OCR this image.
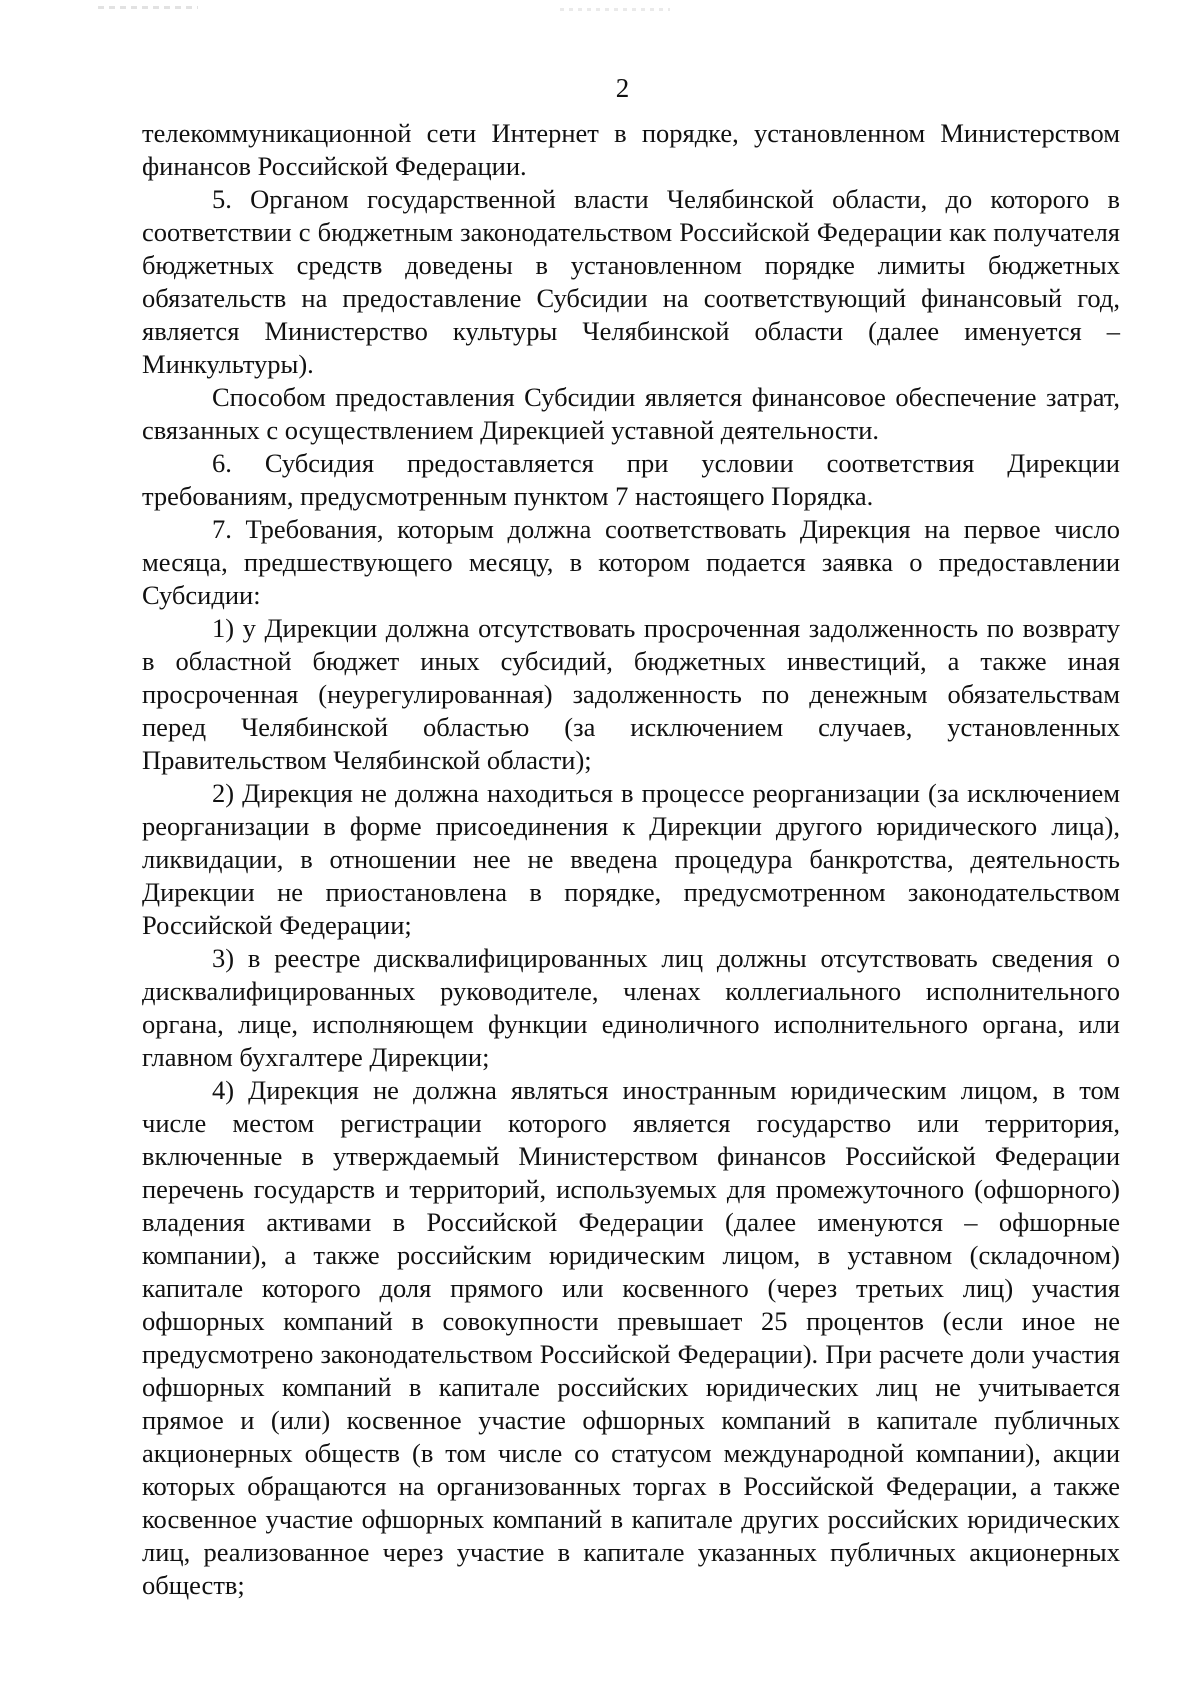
2

телекоммуникационной сети Интернет в порядке, установленном Министерством финансов Российской Федерации.

5. Органом государственной власти Челябинской области, до которого в соответствии с бюджетным законодательством Российской Федерации как получателя бюджетных средств доведены в установленном порядке лимиты бюджетных обязательств на предоставление Субсидии на соответствующий финансовый год, является Министерство культуры Челябинской области (далее именуется – Минкультуры).

Способом предоставления Субсидии является финансовое обеспечение затрат, связанных с осуществлением Дирекцией уставной деятельности.

6. Субсидия предоставляется при условии соответствия Дирекции требованиям, предусмотренным пунктом 7 настоящего Порядка.

7. Требования, которым должна соответствовать Дирекция на первое число месяца, предшествующего месяцу, в котором подается заявка о предоставлении Субсидии:

1) у Дирекции должна отсутствовать просроченная задолженность по возврату в областной бюджет иных субсидий, бюджетных инвестиций, а также иная просроченная (неурегулированная) задолженность по денежным обязательствам перед Челябинской областью (за исключением случаев, установленных Правительством Челябинской области);

2) Дирекция не должна находиться в процессе реорганизации (за исключением реорганизации в форме присоединения к Дирекции другого юридического лица), ликвидации, в отношении нее не введена процедура банкротства, деятельность Дирекции не приостановлена в порядке, предусмотренном законодательством Российской Федерации;

3) в реестре дисквалифицированных лиц должны отсутствовать сведения о дисквалифицированных руководителе, членах коллегиального исполнительного органа, лице, исполняющем функции единоличного исполнительного органа, или главном бухгалтере Дирекции;

4) Дирекция не должна являться иностранным юридическим лицом, в том числе местом регистрации которого является государство или территория, включенные в утверждаемый Министерством финансов Российской Федерации перечень государств и территорий, используемых для промежуточного (офшорного) владения активами в Российской Федерации (далее именуются – офшорные компании), а также российским юридическим лицом, в уставном (складочном) капитале которого доля прямого или косвенного (через третьих лиц) участия офшорных компаний в совокупности превышает 25 процентов (если иное не предусмотрено законодательством Российской Федерации). При расчете доли участия офшорных компаний в капитале российских юридических лиц не учитывается прямое и (или) косвенное участие офшорных компаний в капитале публичных акционерных обществ (в том числе со статусом международной компании), акции которых обращаются на организованных торгах в Российской Федерации, а также косвенное участие офшорных компаний в капитале других российских юридических лиц, реализованное через участие в капитале указанных публичных акционерных обществ;
